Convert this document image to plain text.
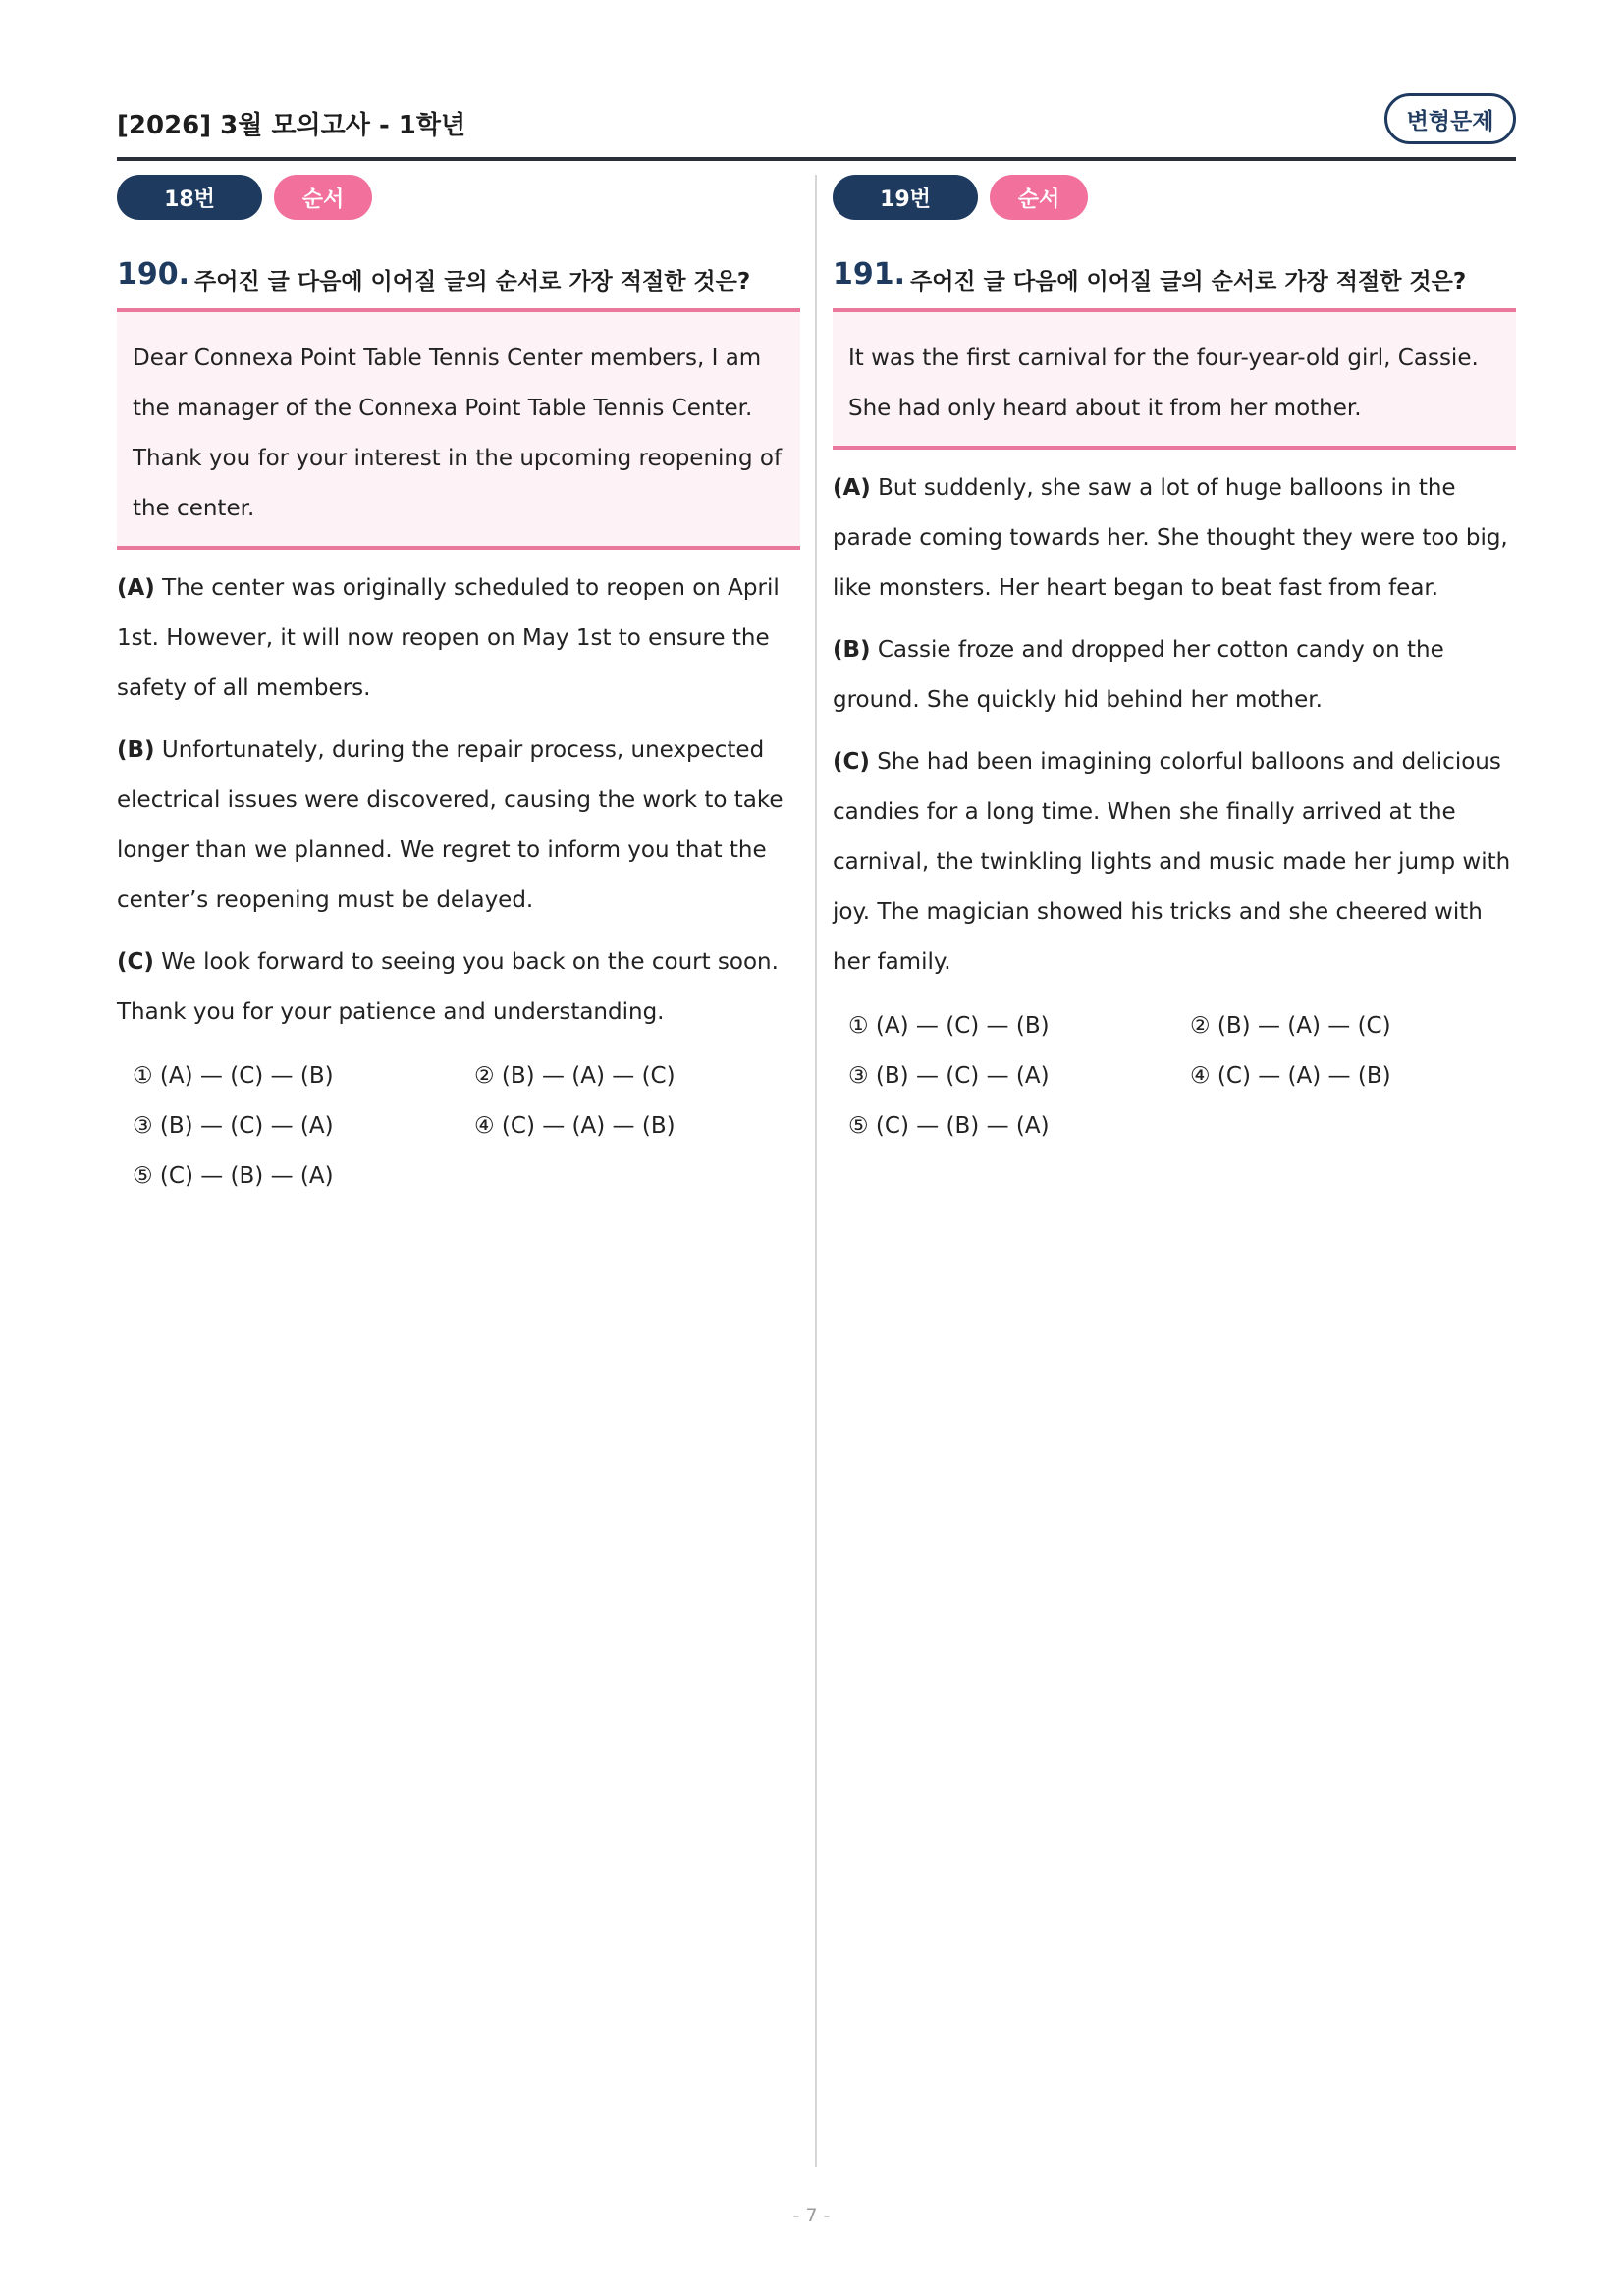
[2026] 3월 모의고사 - 1학년	변형문제
18번	순서
190. 주어진 글 다음에 이어질 글의 순서로 가장 적절한 것은?
Dear Connexa Point Table Tennis Center members, I am the manager of the Connexa Point Table Tennis Center. Thank you for your interest in the upcoming reopening of the center.

(A) The center was originally scheduled to reopen on April 1st. However, it will now reopen on May 1st to ensure the safety of all members.

(B) Unfortunately, during the repair process, unexpected electrical issues were discovered, causing the work to take longer than we planned. We regret to inform you that the center’s reopening must be delayed.

(C) We look forward to seeing you back on the court soon. Thank you for your patience and understanding.

① (A) — (C) — (B)	② (B) — (A) — (C)
③ (B) — (C) — (A)	④ (C) — (A) — (B)
⑤ (C) — (B) — (A)
19번	순서
191. 주어진 글 다음에 이어질 글의 순서로 가장 적절한 것은?
It was the first carnival for the four-year-old girl, Cassie. She had only heard about it from her mother.

(A) But suddenly, she saw a lot of huge balloons in the parade coming towards her. She thought they were too big, like monsters. Her heart began to beat fast from fear.

(B) Cassie froze and dropped her cotton candy on the ground. She quickly hid behind her mother.

(C) She had been imagining colorful balloons and delicious candies for a long time. When she finally arrived at the carnival, the twinkling lights and music made her jump with joy. The magician showed his tricks and she cheered with her family.

① (A) — (C) — (B)	② (B) — (A) — (C)
③ (B) — (C) — (A)	④ (C) — (A) — (B)
⑤ (C) — (B) — (A)
- 7 -
